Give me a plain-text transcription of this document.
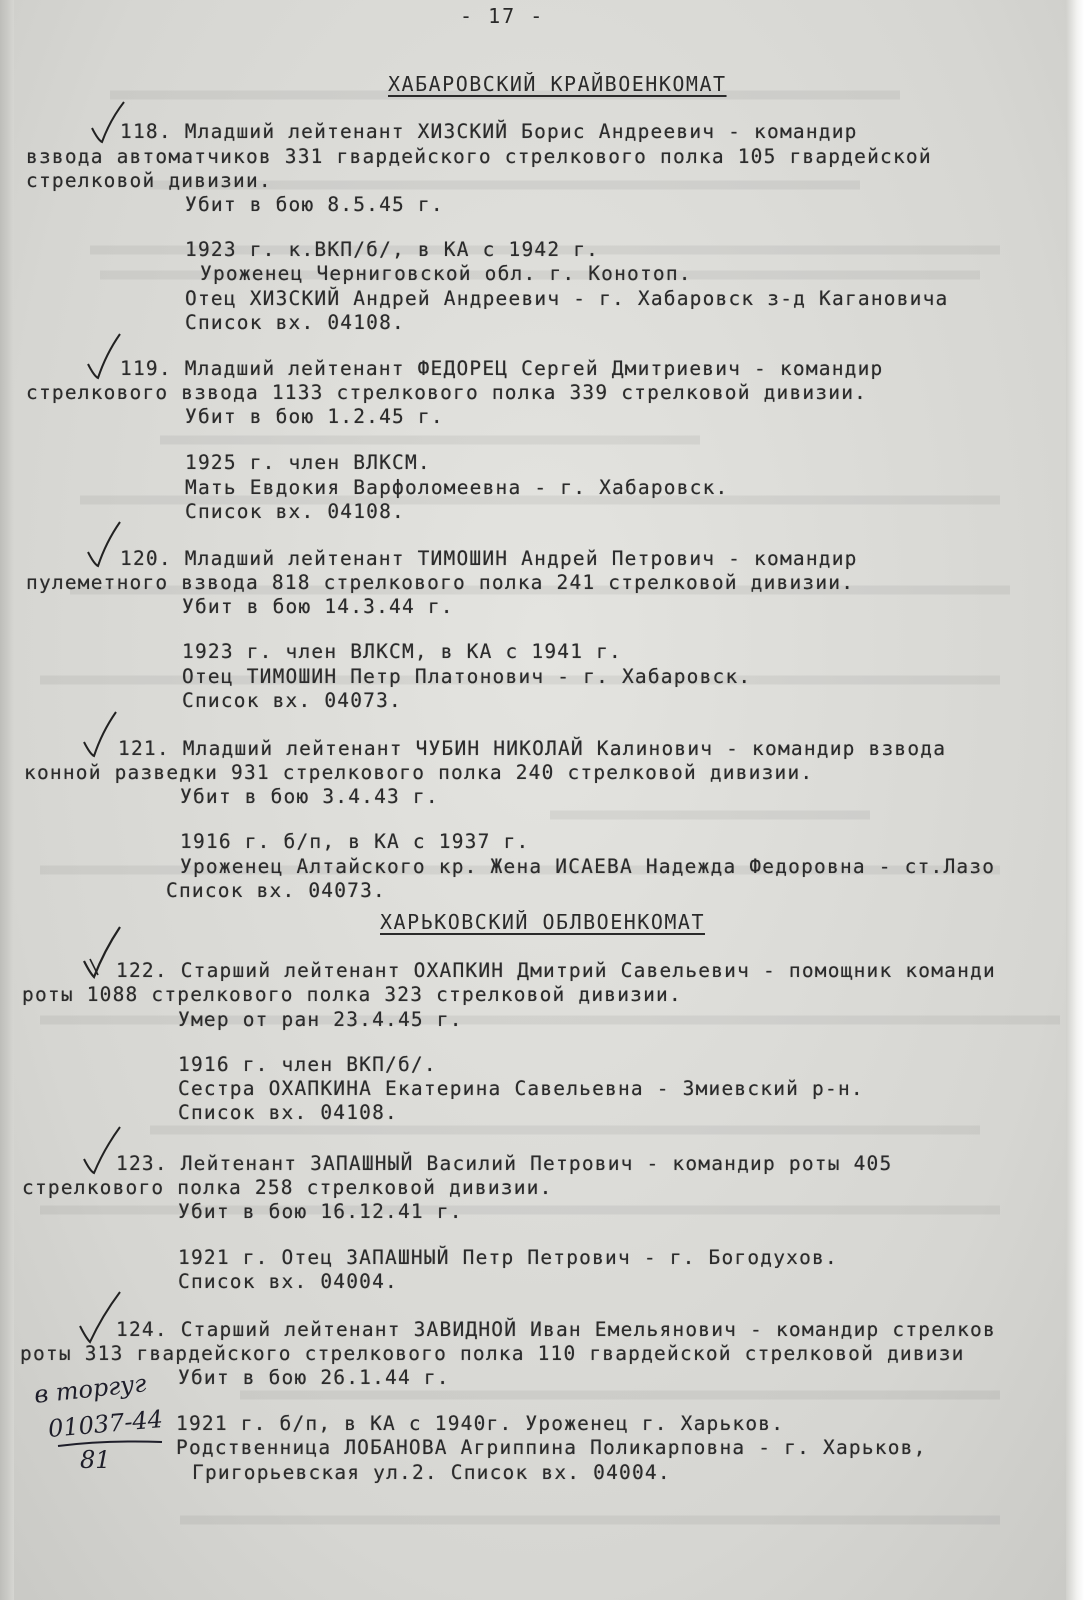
- 17 -
ХАБАРОВСКИЙ КРАЙВОЕНКОМАТ
118. Младший лейтенант ХИЗСКИЙ Борис Андреевич - командир
взвода автоматчиков 331 гвардейского стрелкового полка 105 гвардейской
стрелковой дивизии.
Убит в бою 8.5.45 г.
1923 г. к.ВКП/б/, в КА с 1942 г.
Уроженец Черниговской обл. г. Конотоп.
Отец ХИЗСКИЙ Андрей Андреевич - г. Хабаровск з-д Кагановича
Список вх. 04108.
119. Младший лейтенант ФЕДОРЕЦ Сергей Дмитриевич - командир
стрелкового взвода 1133 стрелкового полка 339 стрелковой дивизии.
Убит в бою 1.2.45 г.
1925 г. член ВЛКСМ.
Мать Евдокия Варфоломеевна - г. Хабаровск.
Список вх. 04108.
120. Младший лейтенант ТИМОШИН Андрей Петрович - командир
пулеметного взвода 818 стрелкового полка 241 стрелковой дивизии.
Убит в бою 14.3.44 г.
1923 г. член ВЛКСМ, в КА с 1941 г.
Отец ТИМОШИН Петр Платонович - г. Хабаровск.
Список вх. 04073.
121. Младший лейтенант ЧУБИН НИКОЛАЙ Калинович - командир взвода
конной разведки 931 стрелкового полка 240 стрелковой дивизии.
Убит в бою 3.4.43 г.
1916 г. б/п, в КА с 1937 г.
Уроженец Алтайского кр. Жена ИСАЕВА Надежда Федоровна - ст.Лазо
Список вх. 04073.
ХАРЬКОВСКИЙ ОБЛВОЕНКОМАТ
122. Старший лейтенант ОХАПКИН Дмитрий Савельевич - помощник команди
роты 1088 стрелкового полка 323 стрелковой дивизии.
Умер от ран 23.4.45 г.
1916 г. член ВКП/б/.
Сестра ОХАПКИНА Екатерина Савельевна - Змиевский р-н.
Список вх. 04108.
123. Лейтенант ЗАПАШНЫЙ Василий Петрович - командир роты 405
стрелкового полка 258 стрелковой дивизии.
Убит в бою 16.12.41 г.
1921 г. Отец ЗАПАШНЫЙ Петр Петрович - г. Богодухов.
Список вх. 04004.
124. Старший лейтенант ЗАВИДНОЙ Иван Емельянович - командир стрелков
роты 313 гвардейского стрелкового полка 110 гвардейской стрелковой дивизи
Убит в бою 26.1.44 г.
1921 г. б/п, в КА с 1940г. Уроженец г. Харьков.
Родственница ЛОБАНОВА Агриппина Поликарповна - г. Харьков,
Григорьевская ул.2. Список вх. 04004.
в торгуг
01037-44
81
